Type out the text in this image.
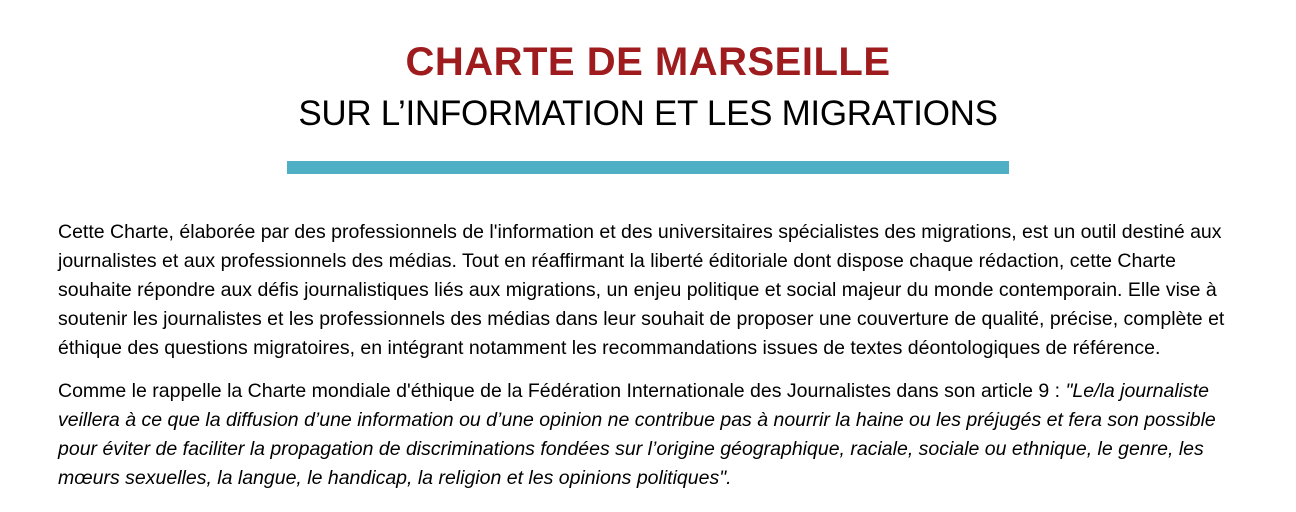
CHARTE DE MARSEILLE
SUR L’INFORMATION ET LES MIGRATIONS

Cette Charte, élaborée par des professionnels de l'information et des universitaires spécialistes des migrations, est un outil destiné aux journalistes et aux professionnels des médias. Tout en réaffirmant la liberté éditoriale dont dispose chaque rédaction, cette Charte souhaite répondre aux défis journalistiques liés aux migrations, un enjeu politique et social majeur du monde contemporain. Elle vise à soutenir les journalistes et les professionnels des médias dans leur souhait de proposer une couverture de qualité, précise, complète et éthique des questions migratoires, en intégrant notamment les recommandations issues de textes déontologiques de référence.

Comme le rappelle la Charte mondiale d'éthique de la Fédération Internationale des Journalistes dans son article 9 : "Le/la journaliste veillera à ce que la diffusion d’une information ou d’une opinion ne contribue pas à nourrir la haine ou les préjugés et fera son possible pour éviter de faciliter la propagation de discriminations fondées sur l’origine géographique, raciale, sociale ou ethnique, le genre, les mœurs sexuelles, la langue, le handicap, la religion et les opinions politiques".
